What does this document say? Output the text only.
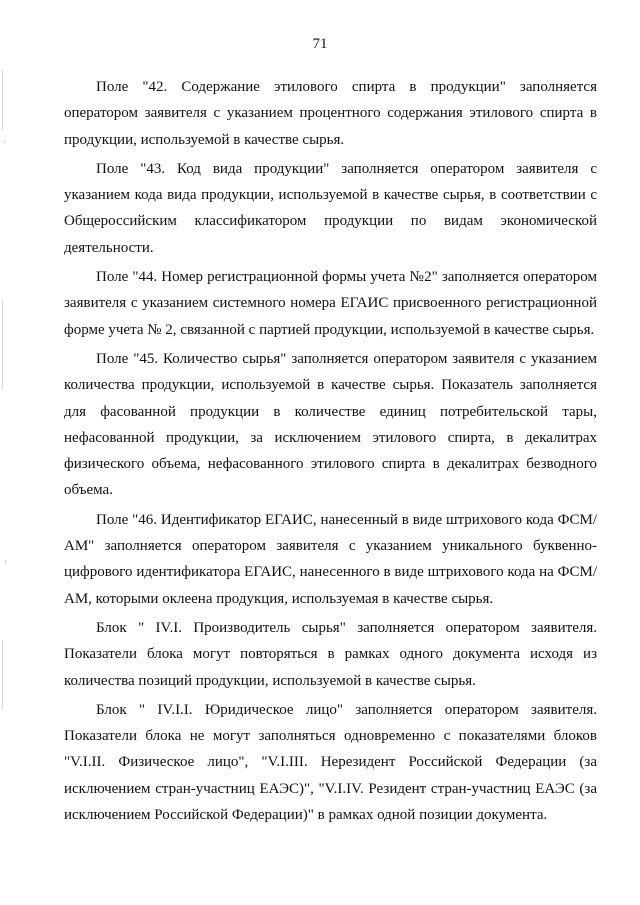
71

Поле "42. Содержание этилового спирта в продукции" заполняется оператором заявителя с указанием процентного содержания этилового спирта в продукции, используемой в качестве сырья.

Поле "43. Код вида продукции" заполняется оператором заявителя с указанием кода вида продукции, используемой в качестве сырья, в соответствии с Общероссийским классификатором продукции по видам экономической деятельности.

Поле "44. Номер регистрационной формы учета №2" заполняется оператором заявителя с указанием системного номера ЕГАИС присвоенного регистрационной форме учета № 2, связанной с партией продукции, используемой в качестве сырья.

Поле "45. Количество сырья" заполняется оператором заявителя с указанием количества продукции, используемой в качестве сырья. Показатель заполняется для фасованной продукции в количестве единиц потребительской тары, нефасованной продукции, за исключением этилового спирта, в декалитрах физического объема, нефасованного этилового спирта в декалитрах безводного объема.

Поле "46. Идентификатор ЕГАИС, нанесенный в виде штрихового кода ФСМ/АМ" заполняется оператором заявителя с указанием уникального буквенно-цифрового идентификатора ЕГАИС, нанесенного в виде штрихового кода на ФСМ/АМ, которыми оклеена продукция, используемая в качестве сырья.

Блок " IV.I. Производитель сырья" заполняется оператором заявителя. Показатели блока могут повторяться в рамках одного документа исходя из количества позиций продукции, используемой в качестве сырья.

Блок " IV.I.I. Юридическое лицо" заполняется оператором заявителя. Показатели блока не могут заполняться одновременно с показателями блоков "V.I.II. Физическое лицо", "V.I.III. Нерезидент Российской Федерации (за исключением стран-участниц ЕАЭС)", "V.I.IV. Резидент стран-участниц ЕАЭС (за исключением Российской Федерации)" в рамках одной позиции документа.
